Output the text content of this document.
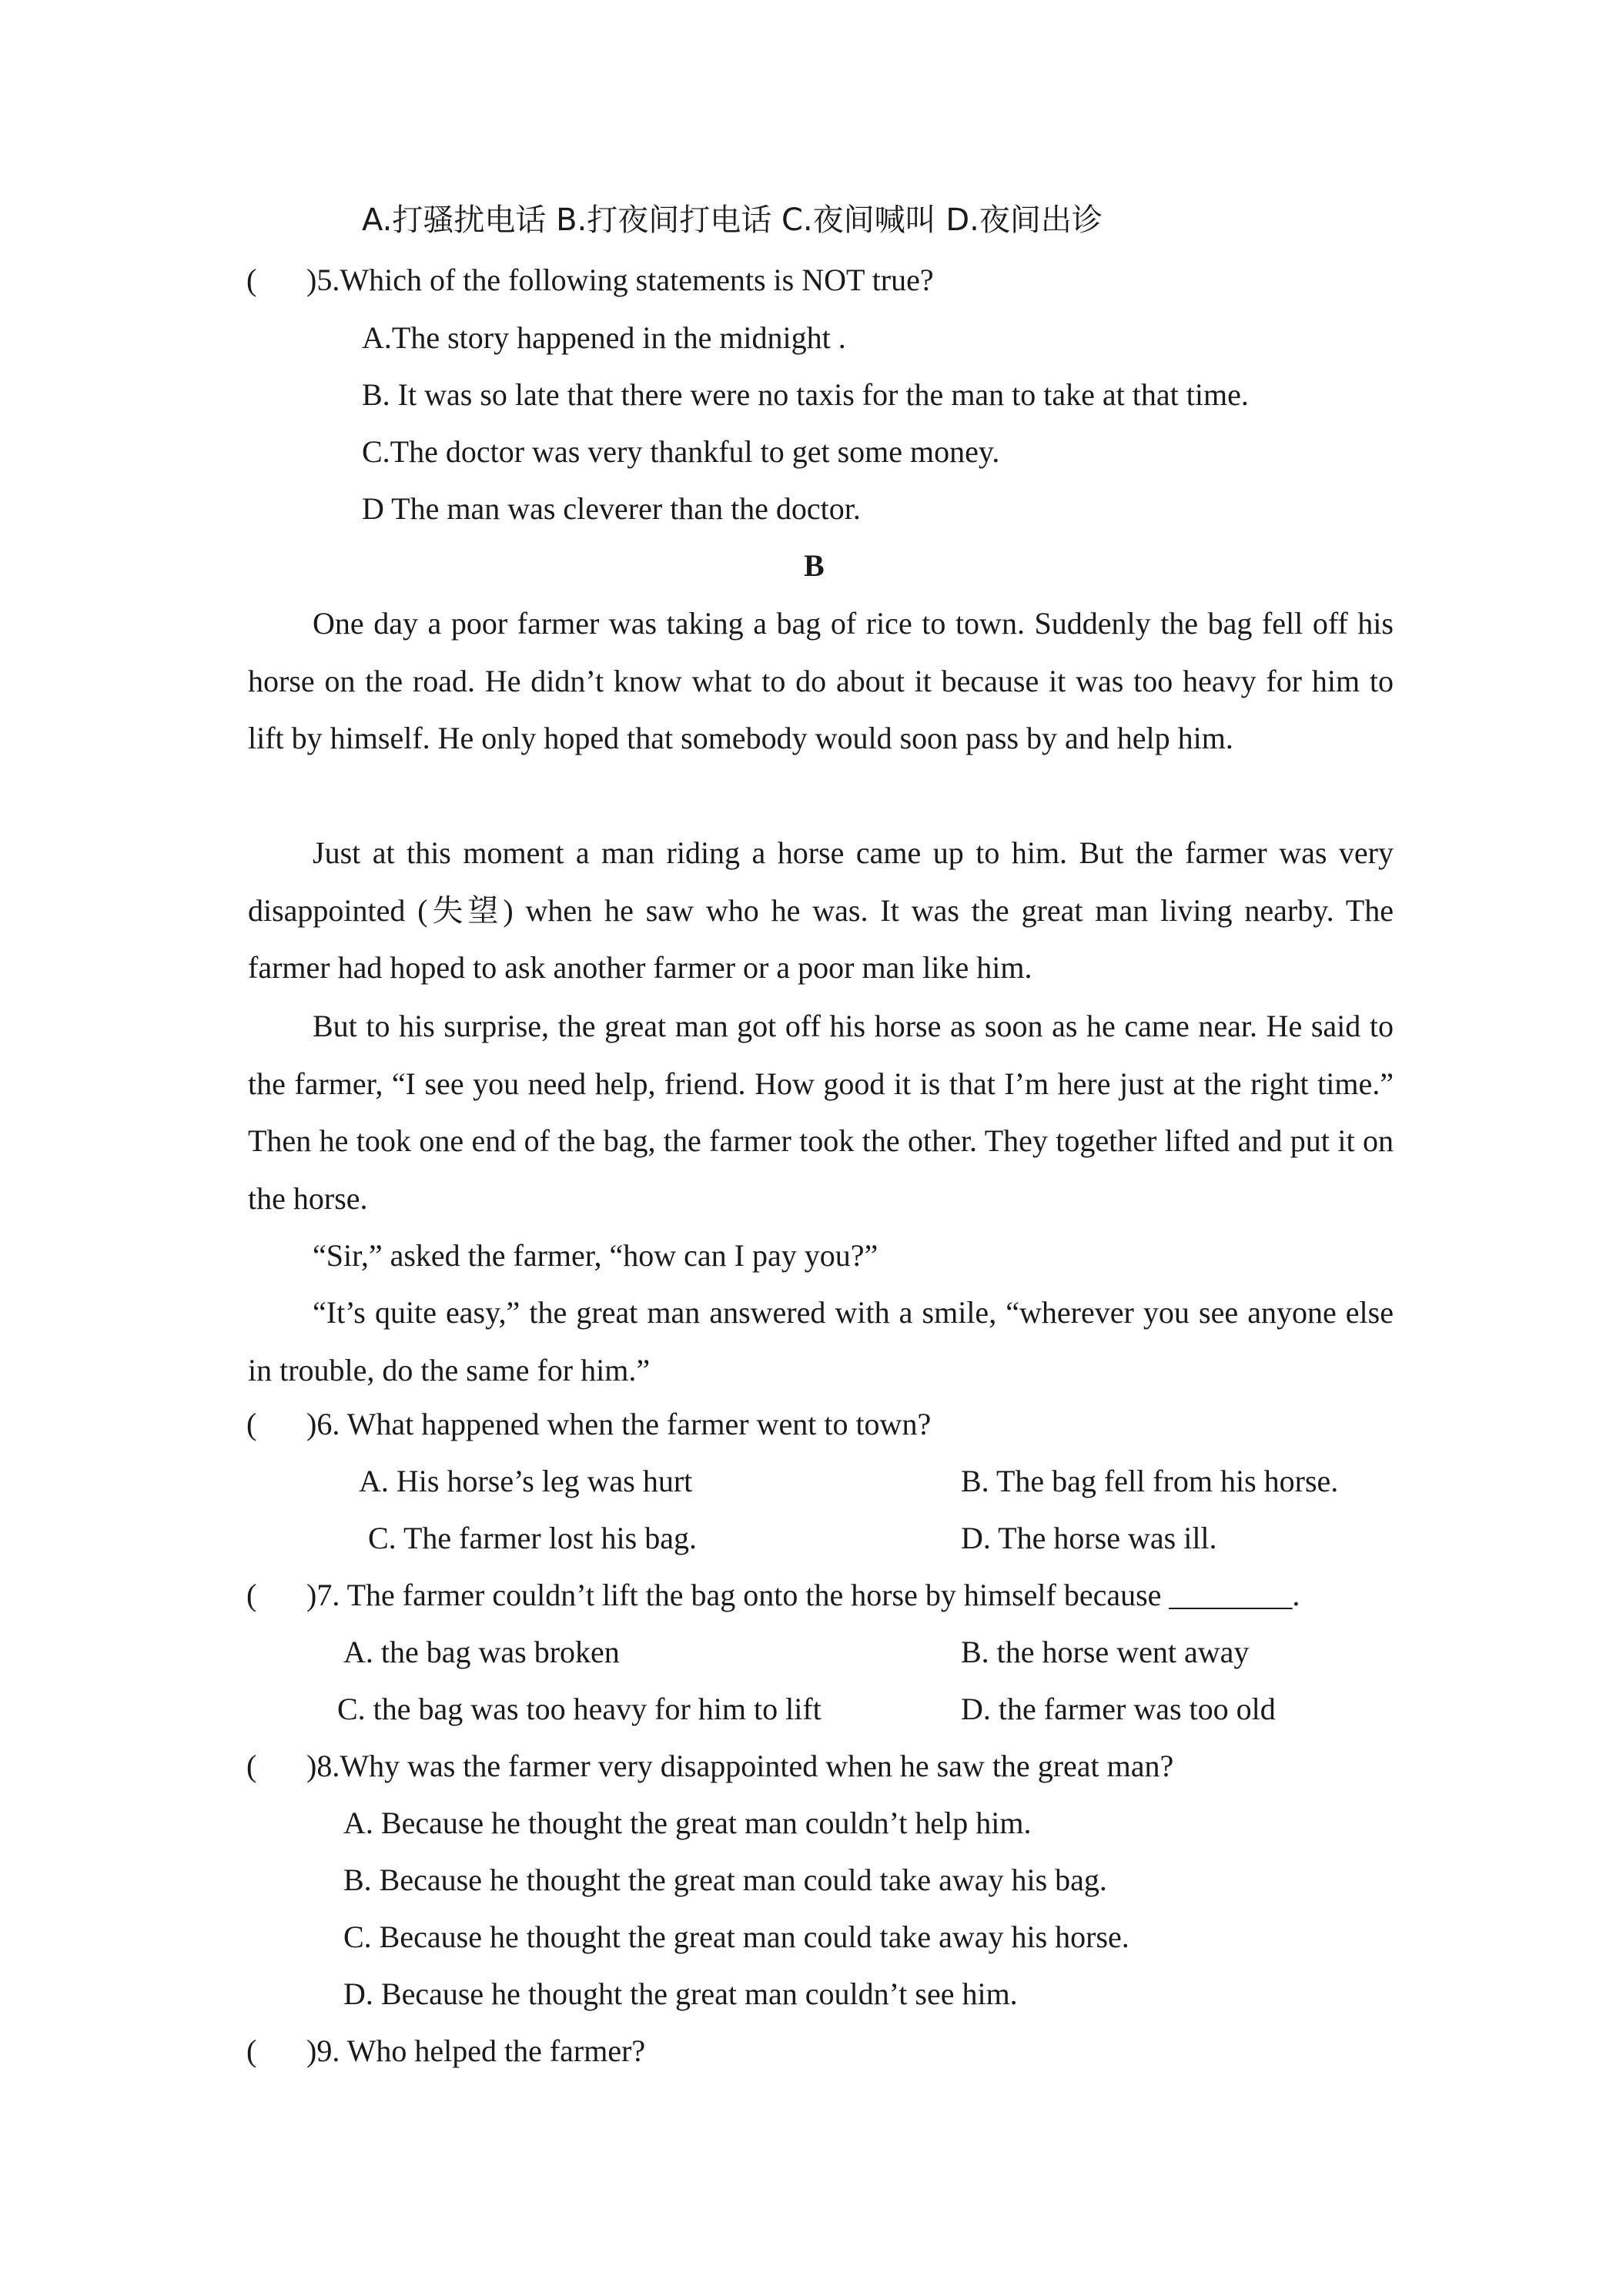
A.打骚扰电话 B.打夜间打电话 C.夜间喊叫 D.夜间出诊
( )5.Which of the following statements is NOT true?
A.The story happened in the midnight .
B. It was so late that there were no taxis for the man to take at that time.
C.The doctor was very thankful to get some money.
D The man was cleverer than the doctor.
B
One day a poor farmer was taking a bag of rice to town. Suddenly the bag fell off his horse on the road. He didn’t know what to do about it because it was too heavy for him to lift by himself. He only hoped that somebody would soon pass by and help him.
Just at this moment a man riding a horse came up to him. But the farmer was very disappointed (失望) when he saw who he was. It was the great man living nearby. The farmer had hoped to ask another farmer or a poor man like him.
But to his surprise, the great man got off his horse as soon as he came near. He said to the farmer, “I see you need help, friend. How good it is that I’m here just at the right time.” Then he took one end of the bag, the farmer took the other. They together lifted and put it on the horse.
“Sir,” asked the farmer, “how can I pay you?”
“It’s quite easy,” the great man answered with a smile, “wherever you see anyone else in trouble, do the same for him.”
( )6. What happened when the farmer went to town?
A. His horse’s leg was hurt	B. The bag fell from his horse.
C. The farmer lost his bag.	D. The horse was ill.
( )7. The farmer couldn’t lift the bag onto the horse by himself because ________.
A. the bag was broken	B. the horse went away
C. the bag was too heavy for him to lift	D. the farmer was too old
( )8.Why was the farmer very disappointed when he saw the great man?
A. Because he thought the great man couldn’t help him.
B. Because he thought the great man could take away his bag.
C. Because he thought the great man could take away his horse.
D. Because he thought the great man couldn’t see him.
( )9. Who helped the farmer?
